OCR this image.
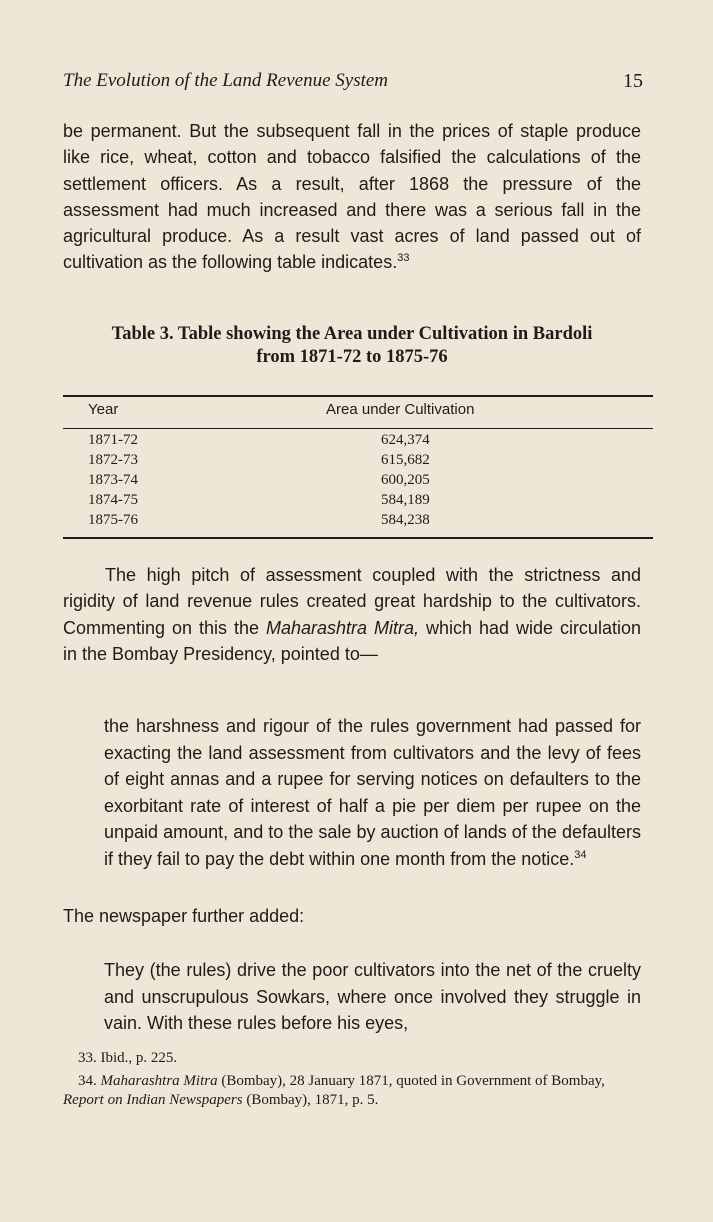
The Evolution of the Land Revenue System	15
be permanent. But the subsequent fall in the prices of staple produce like rice, wheat, cotton and tobacco falsified the calculations of the settlement officers. As a result, after 1868 the pressure of the assessment had much increased and there was a serious fall in the agricultural produce. As a result vast acres of land passed out of cultivation as the following table indicates.$^{33}$
Table 3. Table showing the Area under Cultivation in Bardoli
from 1871-72 to 1875-76
Year	Area under Cultivation
1871-72	624,374
1872-73	615,682
1873-74	600,205
1874-75	584,189
1875-76	584,238
The high pitch of assessment coupled with the strictness and rigidity of land revenue rules created great hardship to the cultivators. Commenting on this the Maharashtra Mitra, which had wide circulation in the Bombay Presidency, pointed to—
the harshness and rigour of the rules government had passed for exacting the land assessment from cultivators and the levy of fees of eight annas and a rupee for serving notices on defaulters to the exorbitant rate of interest of half a pie per diem per rupee on the unpaid amount, and to the sale by auction of lands of the defaulters if they fail to pay the debt within one month from the notice.$^{34}$
The newspaper further added:
They (the rules) drive the poor cultivators into the net of the cruelty and unscrupulous Sowkars, where once involved they struggle in vain. With these rules before his eyes,
33. Ibid., p. 225.
34. Maharashtra Mitra (Bombay), 28 January 1871, quoted in Government of Bombay, Report on Indian Newspapers (Bombay), 1871, p. 5.
